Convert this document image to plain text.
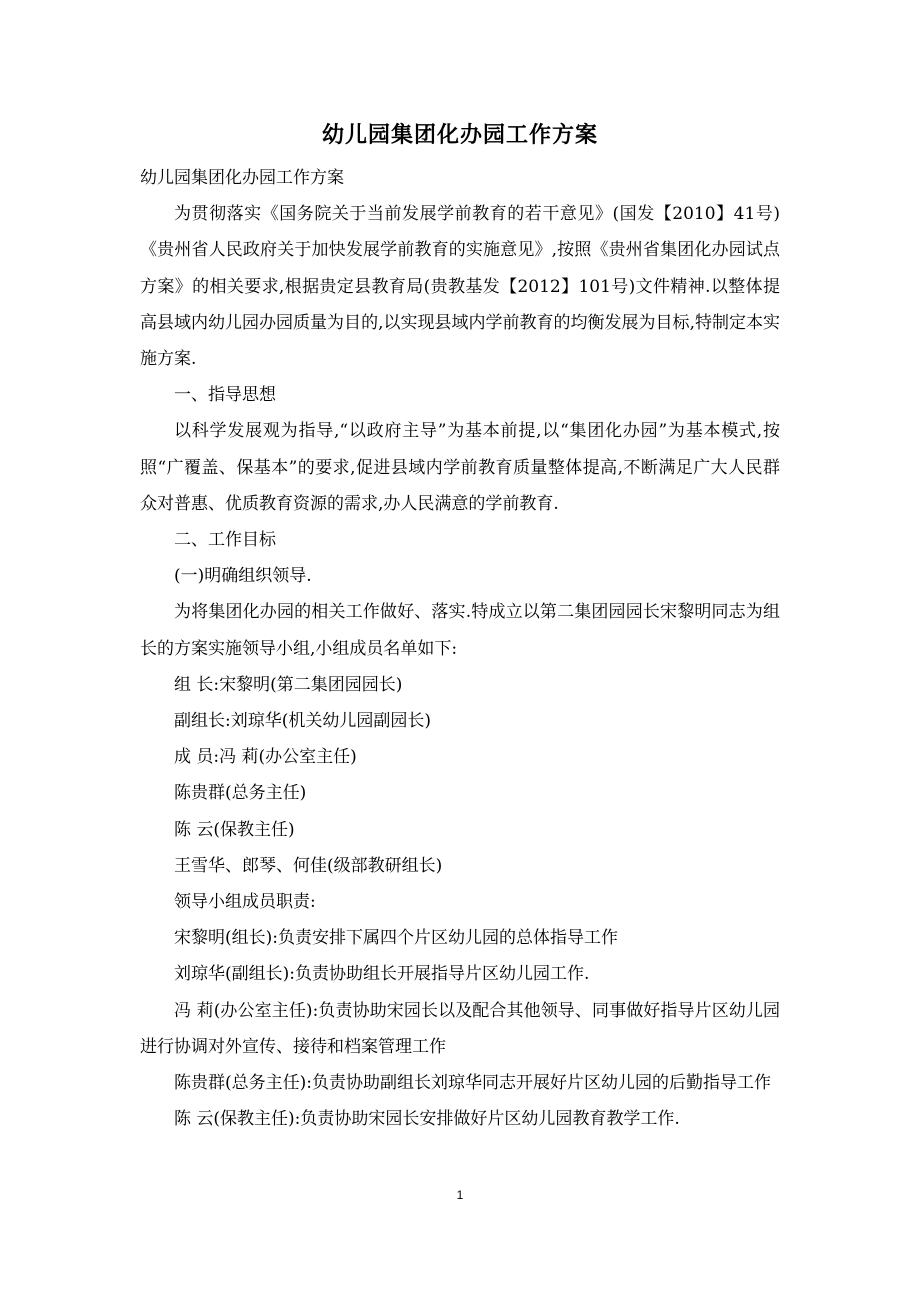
幼儿园集团化办园工作方案

幼儿园集团化办园工作方案

为贯彻落实《国务院关于当前发展学前教育的若干意见》(国发【2010】41号)《贵州省人民政府关于加快发展学前教育的实施意见》,按照《贵州省集团化办园试点方案》的相关要求,根据贵定县教育局(贵教基发【2012】101号)文件精神.以整体提高县域内幼儿园办园质量为目的,以实现县域内学前教育的均衡发展为目标,特制定本实施方案.

一、指导思想

以科学发展观为指导,“以政府主导”为基本前提,以“集团化办园”为基本模式,按照“广覆盖、保基本”的要求,促进县域内学前教育质量整体提高,不断满足广大人民群众对普惠、优质教育资源的需求,办人民满意的学前教育.

二、工作目标

(一)明确组织领导.

为将集团化办园的相关工作做好、落实.特成立以第二集团园园长宋黎明同志为组长的方案实施领导小组,小组成员名单如下:

组 长:宋黎明(第二集团园园长)

副组长:刘琼华(机关幼儿园副园长)

成 员:冯 莉(办公室主任)

陈贵群(总务主任)

陈 云(保教主任)

王雪华、郎琴、何佳(级部教研组长)

领导小组成员职责:

宋黎明(组长):负责安排下属四个片区幼儿园的总体指导工作

刘琼华(副组长):负责协助组长开展指导片区幼儿园工作.

冯 莉(办公室主任):负责协助宋园长以及配合其他领导、同事做好指导片区幼儿园进行协调对外宣传、接待和档案管理工作

陈贵群(总务主任):负责协助副组长刘琼华同志开展好片区幼儿园的后勤指导工作

陈 云(保教主任):负责协助宋园长安排做好片区幼儿园教育教学工作.

1
